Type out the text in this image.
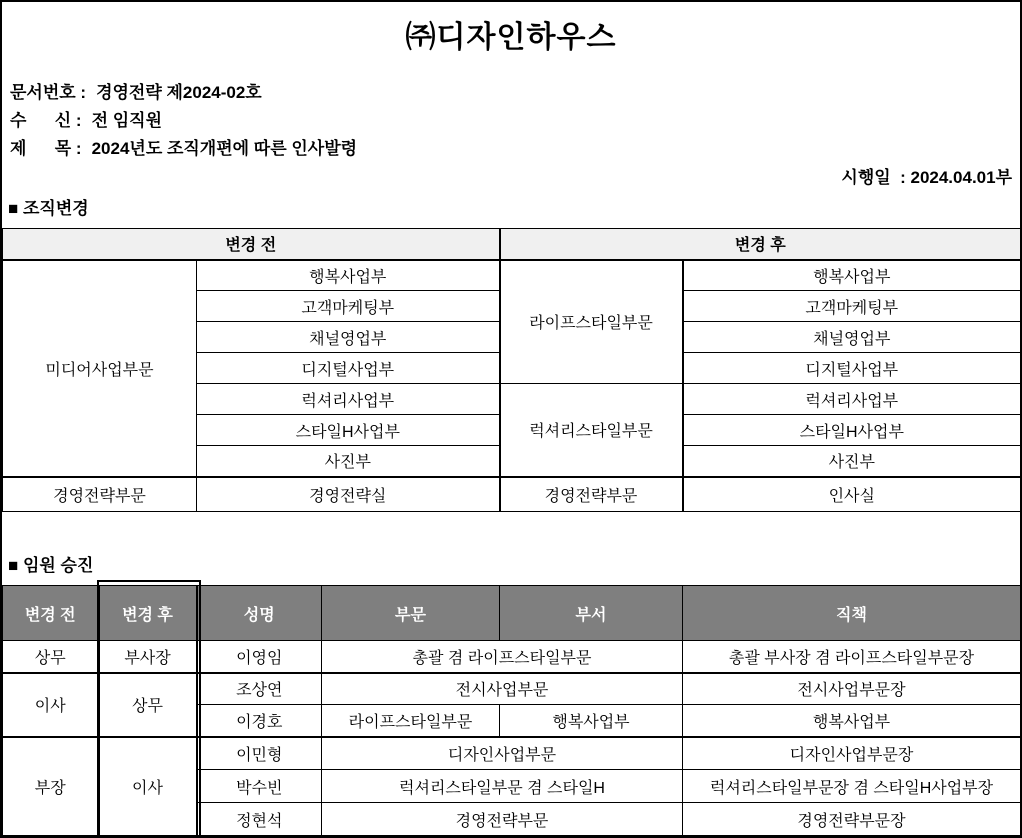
㈜디자인하우스
문서번호 : 경영전략 제2024-02호
수      신 : 전 임직원
제      목 : 2024년도 조직개편에 따른 인사발령
시행일  : 2024.04.01부
■ 조직변경
변경 전		변경 후	
미디어사업부문	행복사업부	라이프스타일부문	행복사업부
	고객마케팅부		고객마케팅부
	채널영업부		채널영업부
	디지털사업부		디지털사업부
	럭셔리사업부	럭셔리스타일부문	럭셔리사업부
	스타일H사업부		스타일H사업부
	사진부		사진부
경영전략부문	경영전략실	경영전략부문	인사실
■ 임원 승진
변경 전	변경 후	성명	부문	부서	직책
상무	부사장	이영임	총괄 겸 라이프스타일부문		총괄 부사장 겸 라이프스타일부문장
이사	상무	조상연	전시사업부문		전시사업부문장
		이경호	라이프스타일부문	행복사업부	행복사업부
부장	이사	이민형	디자인사업부문		디자인사업부문장
		박수빈	럭셔리스타일부문 겸 스타일H		럭셔리스타일부문장 겸 스타일H사업부장
		정현석	경영전략부문		경영전략부문장
